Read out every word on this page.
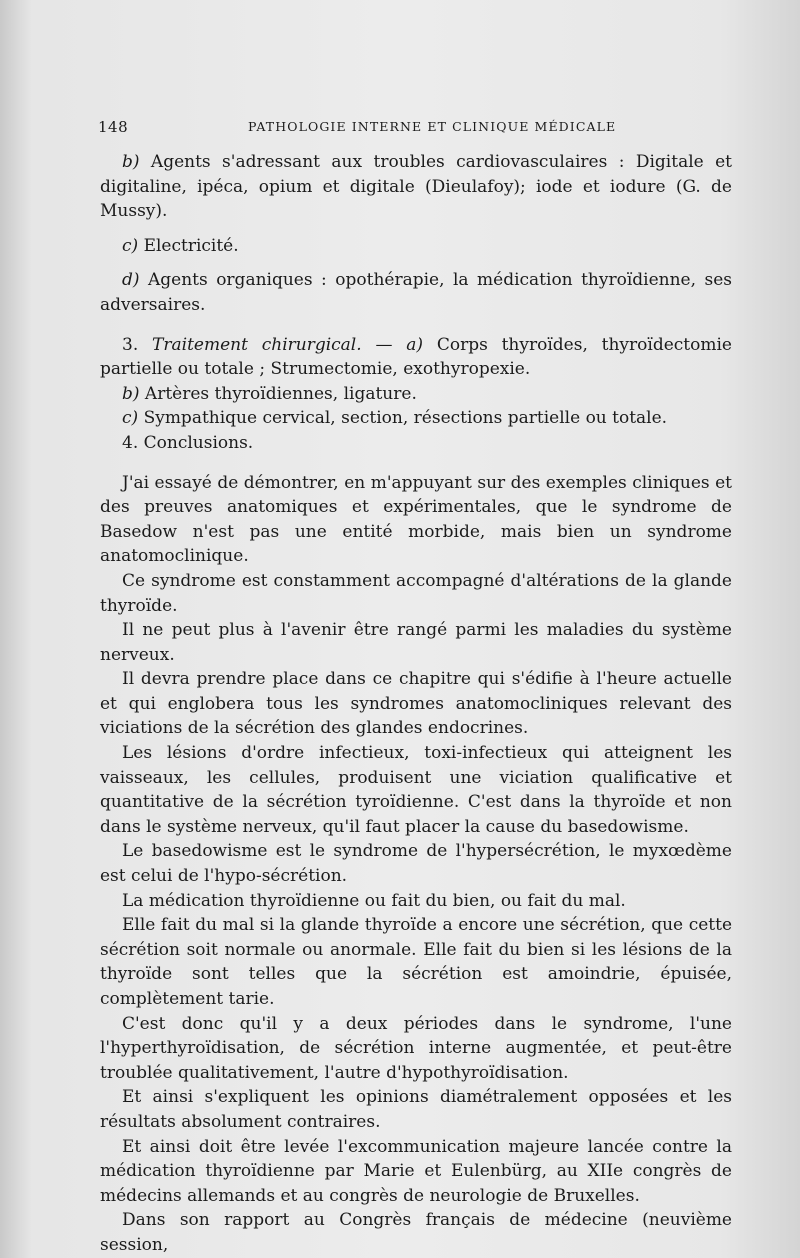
148	PATHOLOGIE INTERNE ET CLINIQUE MÉDICALE

b) Agents s'adressant aux troubles cardiovasculaires : Digitale et digitaline, ipéca, opium et digitale (Dieulafoy); iode et iodure (G. de Mussy).

c) Electricité.

d) Agents organiques : opothérapie, la médication thyroïdienne, ses adversaires.

3. Traitement chirurgical. — a) Corps thyroïdes, thyroïdectomie partielle ou totale ; Strumectomie, exothyropexie.

b) Artères thyroïdiennes, ligature.

c) Sympathique cervical, section, résections partielle ou totale.

4. Conclusions.

J'ai essayé de démontrer, en m'appuyant sur des exemples cliniques et des preuves anatomiques et expérimentales, que le syndrome de Basedow n'est pas une entité morbide, mais bien un syndrome anatomoclinique.

Ce syndrome est constamment accompagné d'altérations de la glande thyroïde.

Il ne peut plus à l'avenir être rangé parmi les maladies du système nerveux.

Il devra prendre place dans ce chapitre qui s'édifie à l'heure actuelle et qui englobera tous les syndromes anatomocliniques relevant des viciations de la sécrétion des glandes endocrines.

Les lésions d'ordre infectieux, toxi-infectieux qui atteignent les vaisseaux, les cellules, produisent une viciation qualificative et quantitative de la sécrétion tyroïdienne. C'est dans la thyroïde et non dans le système nerveux, qu'il faut placer la cause du basedowisme.

Le basedowisme est le syndrome de l'hypersécrétion, le myxœdème est celui de l'hypo-sécrétion.

La médication thyroïdienne ou fait du bien, ou fait du mal.

Elle fait du mal si la glande thyroïde a encore une sécrétion, que cette sécrétion soit normale ou anormale. Elle fait du bien si les lésions de la thyroïde sont telles que la sécrétion est amoindrie, épuisée, complètement tarie.

C'est donc qu'il y a deux périodes dans le syndrome, l'une l'hyperthyroïdisation, de sécrétion interne augmentée, et peut-être troublée qualitativement, l'autre d'hypothyroïdisation.

Et ainsi s'expliquent les opinions diamétralement opposées et les résultats absolument contraires.

Et ainsi doit être levée l'excommunication majeure lancée contre la médication thyroïdienne par Marie et Eulenbürg, au XIIe congrès de médecins allemands et au congrès de neurologie de Bruxelles.

Dans son rapport au Congrès français de médecine (neuvième session,
